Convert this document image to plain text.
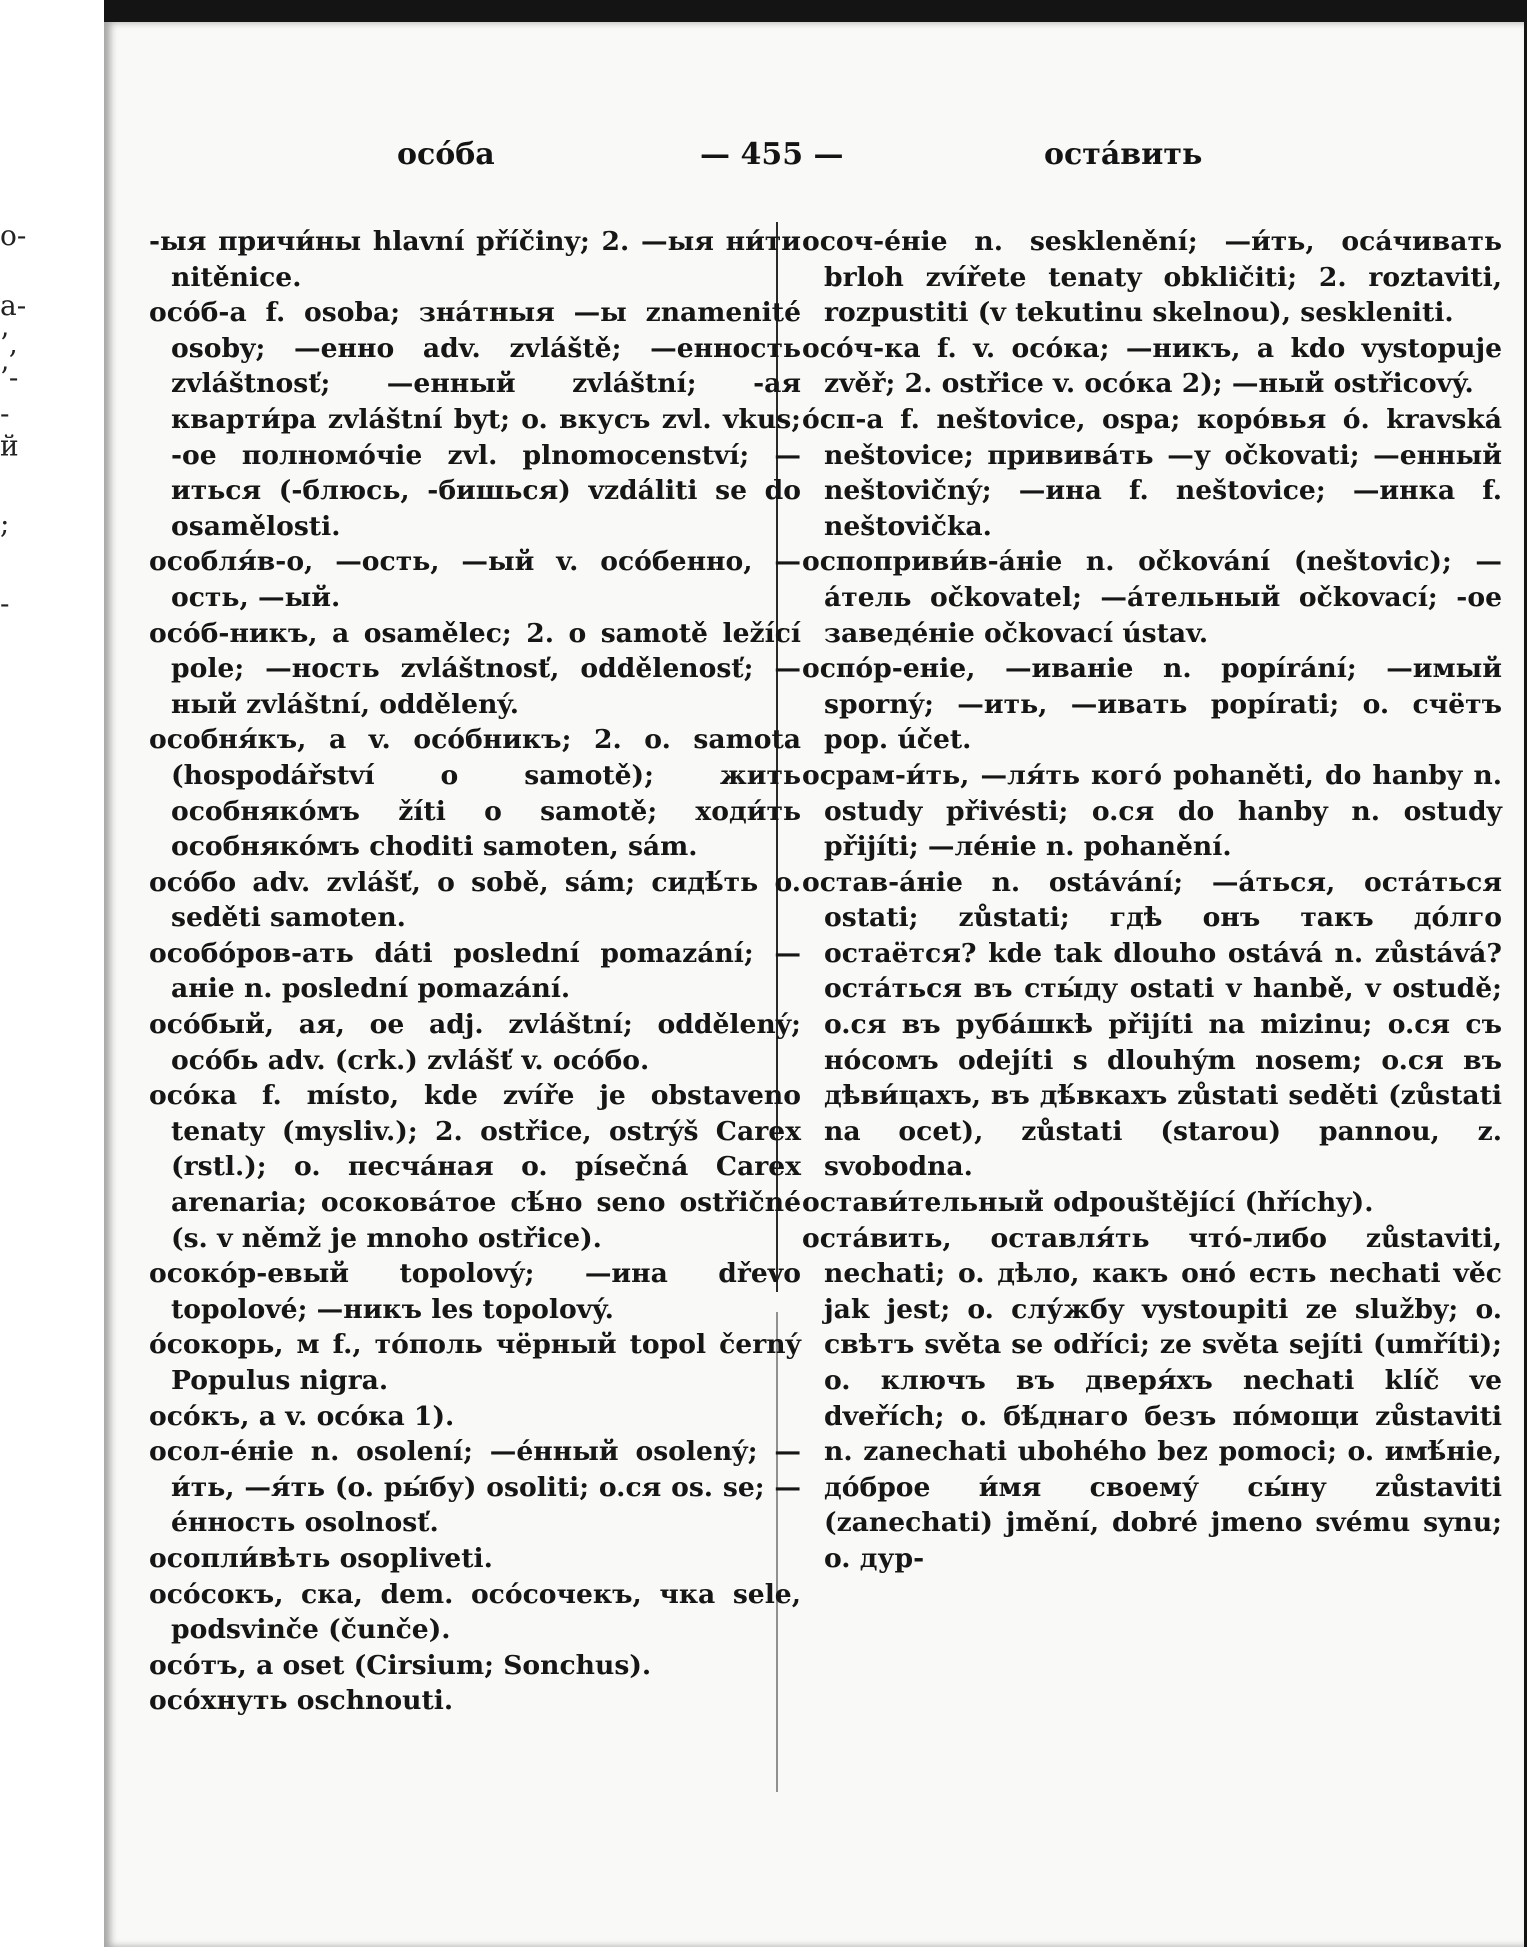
o-
a-
’,
’-
-
й
;
-
осо́ба	— 455 —	оста́вить

-ыя причи́ны hlavní příčiny; 2. —ыя ни́ти nitěnice.

осо́б-а f. osoba; зна́тныя —ы znamenité osoby; —енно adv. zvláště; —енность zvláštnosť; —енный zvláštní; -ая кварти́ра zvláštní byt; o. вкусъ zvl. vkus; -ое полномо́чіе zvl. plnomocenství; —иться (-блюсь, -бишься) vzdáliti se do osamělosti.

особля́в-о, —ость, —ый v. осо́бенно, —ость, —ый.

осо́б-никъ, a osamělec; 2. o samotě ležící pole; —ность zvláštnosť, oddělenosť; —ный zvláštní, oddělený.

особня́къ, a v. осо́бникъ; 2. o. samota (hospodářství o samotě); жить особняко́мъ žíti o samotě; ходи́ть особняко́мъ choditi samoten, sám.

осо́бо adv. zvlášť, o sobě, sám; сидѣ́ть o. seděti samoten.

особо́ров-ать dáti poslední pomazání; —аніе n. poslední pomazání.

осо́бый, ая, ое adj. zvláštní; oddělený; осо́бь adv. (crk.) zvlášť v. осо́бо.

осо́ка f. místo, kde zvíře je obstaveno tenaty (mysliv.); 2. ostřice, ostrýš Carex (rstl.); o. песча́ная o. písečná Carex arenaria; осокова́тое сѣ́но seno ostřičné (s. v němž je mnoho ostřice).

осоко́р-евый topolový; —ина dřevo topolové; —никъ les topolový.

о́сокорь, м f., то́поль чёрный topol černý Populus nigra.

осо́къ, a v. осо́ка 1).

осол-е́ніе n. osolení; —е́нный osolený; —и́ть, —я́ть (o. ры́бу) osoliti; o.ся os. se; —е́нность osolnosť.

осопли́вѣть osopliveti.

осо́сокъ, ска, dem. осо́сочекъ, чка sele, podsvinče (čunče).

осо́тъ, a oset (Cirsium; Sonchus).

осо́хнуть oschnouti.

осоч-е́ніе n. sesklenění; —и́ть, оса́чивать brloh zvířete tenaty obkličiti; 2. roztaviti, rozpustiti (v tekutinu skelnou), seskleniti.

осо́ч-ка f. v. осо́ка; —никъ, a kdo vystopuje zvěř; 2. ostřice v. осо́ка 2); —ный ostřicový.

о́сп-а f. neštovice, ospa; коро́вья о́. kravská neštovice; прививáть —у očkovati; —енный neštovičný; —ина f. neštovice; —инка f. neštovička.

оспоприви́в-а́ніе n. očkování (neštovic); —а́тель očkovatel; —а́тельный očkovací; -ое заведе́ніе očkovací ústav.

оспо́р-еніе, —иваніе n. popírání; —имый sporný; —ить, —ивать popírati; o. счётъ pop. účet.

осрам-и́ть, —ля́ть кого́ pohaněti, do hanby n. ostudy přivésti; o.ся do hanby n. ostudy přijíti; —ле́ніе n. pohanění.

остав-а́ніе n. ostávání; —а́ться, оста́ться ostati; zůstati; гдѣ онъ такъ до́лго остаётся? kde tak dlouho ostává n. zůstává? оста́ться въ сты́ду ostati v hanbě, v ostudě; o.ся въ руба́шкѣ přijíti na mizinu; o.ся съ но́сомъ odejíti s dlouhým nosem; o.ся въ дѣви́цахъ, въ дѣ́вкахъ zůstati seděti (zůstati na ocet), zůstati (starou) pannou, z. svobodna.

остави́тельный odpouštějící (hříchy).

оста́вить, оставля́ть что́-либо zůstaviti, nechati; o. дѣло, какъ оно́ есть nechati věc jak jest; o. слу́жбу vystoupiti ze služby; o. свѣтъ světa se odříci; ze světa sejíti (umříti); o. ключъ въ дверя́хъ nechati klíč ve dveřích; o. бѣ́днаго безъ по́мощи zůstaviti n. zanechati ubohého bez pomoci; o. имѣ́ніе, до́брое и́мя своему́ сы́ну zůstaviti (zanechati) jmění, dobré jmeno svému synu; o. дур-
